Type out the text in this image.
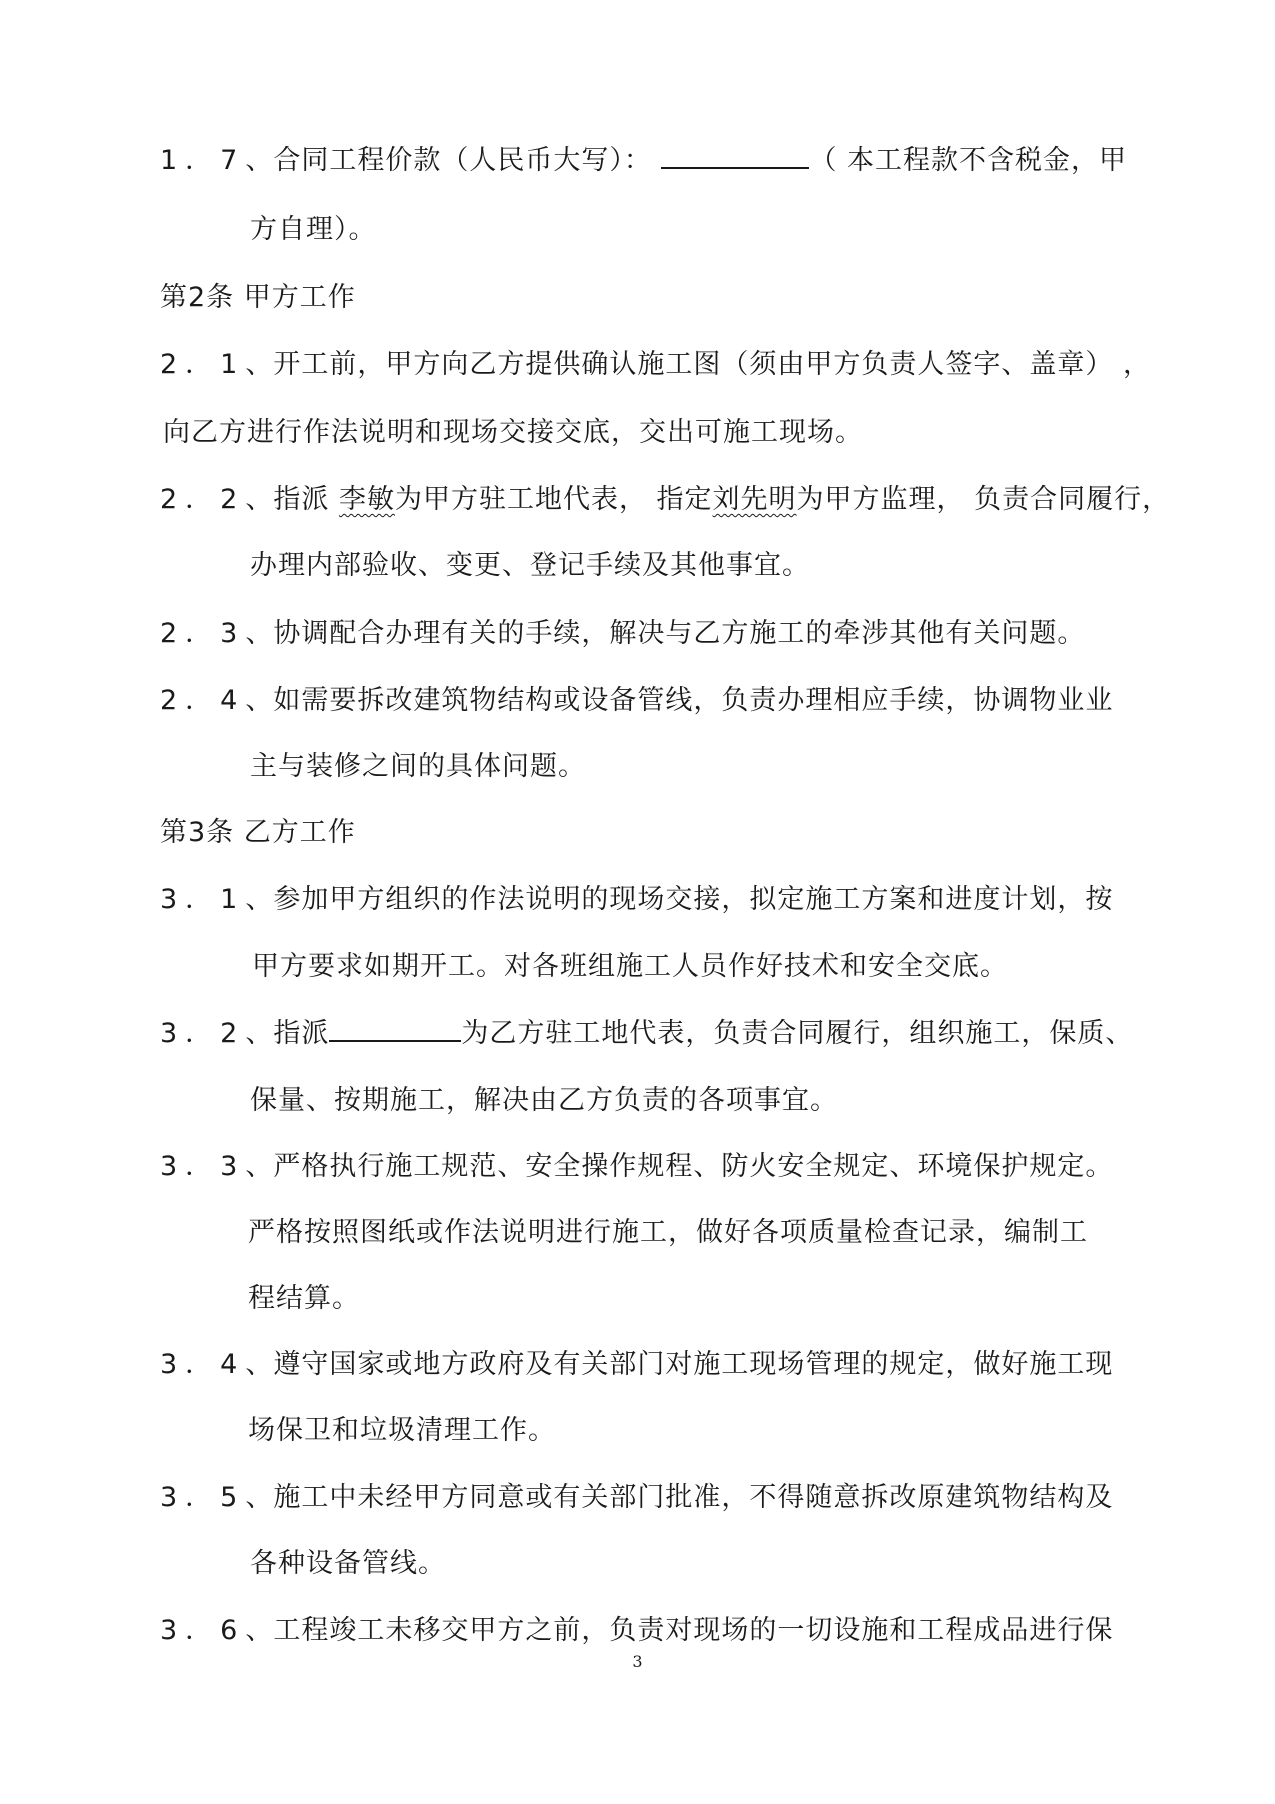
1．7、合同工程价款（人民币大写）：	（ 本工程款不含税金，甲
方自理）。
第2条 甲方工作
2．1、开工前，甲方向乙方提供确认施工图（须由甲方负责人签字、盖章） ，
向乙方进行作法说明和现场交接交底，交出可施工现场。
2．2、指派 李敏为甲方驻工地代表， 指定刘先明为甲方监理， 负责合同履行，
办理内部验收、变更、登记手续及其他事宜。
2．3、协调配合办理有关的手续，解决与乙方施工的牵涉其他有关问题。
2．4、如需要拆改建筑物结构或设备管线，负责办理相应手续，协调物业业
主与装修之间的具体问题。
第3条 乙方工作
3．1、参加甲方组织的作法说明的现场交接，拟定施工方案和进度计划，按
甲方要求如期开工。对各班组施工人员作好技术和安全交底。
3．2、指派	为乙方驻工地代表，负责合同履行，组织施工，保质、
保量、按期施工，解决由乙方负责的各项事宜。
3．3、严格执行施工规范、安全操作规程、防火安全规定、环境保护规定。
严格按照图纸或作法说明进行施工，做好各项质量检查记录，编制工
程结算。
3．4、遵守国家或地方政府及有关部门对施工现场管理的规定，做好施工现
场保卫和垃圾清理工作。
3．5、施工中未经甲方同意或有关部门批准，不得随意拆改原建筑物结构及
各种设备管线。
3．6、工程竣工未移交甲方之前，负责对现场的一切设施和工程成品进行保
3
